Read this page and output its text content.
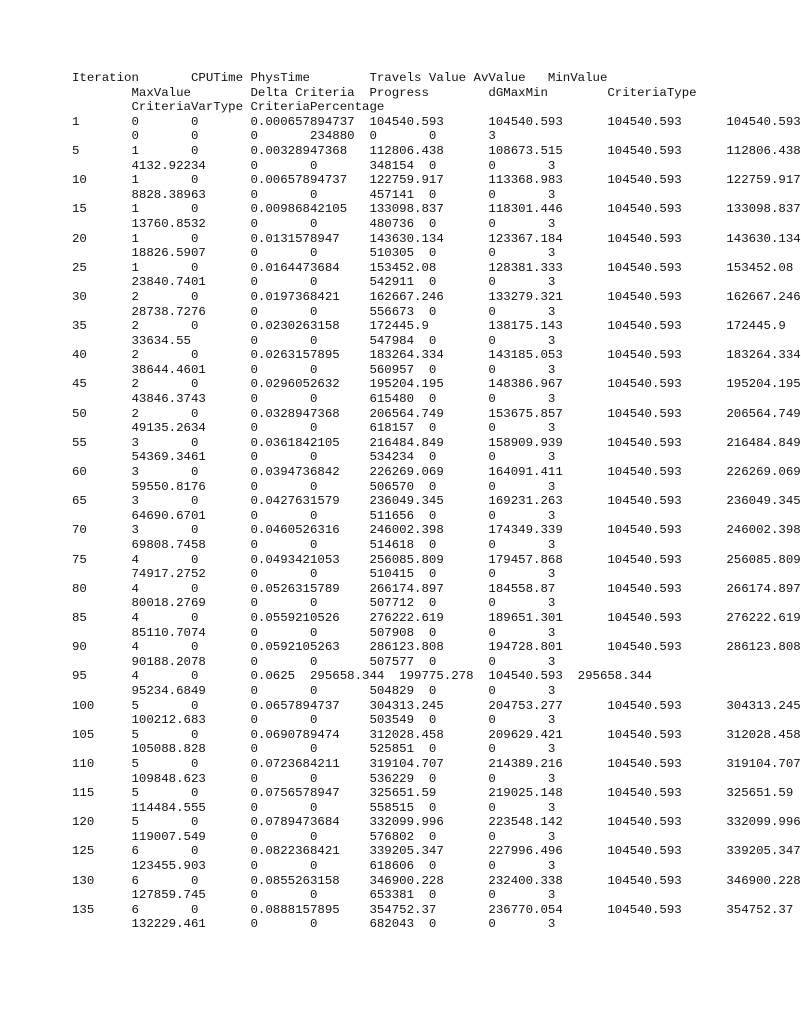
Iteration	CPUTime	PhysTime	Travels	Value AvValue	MinValue
	MaxValue	Delta Criteria	Progress	dGMaxMin	CriteriaType
	CriteriaVarType	CriteriaPercentage
1	0	0	0.000657894737	104540.593	104540.593	104540.593	104540.593
	0	0	0	234880	0	0	3
5	1	0	0.00328947368	112806.438	108673.515	104540.593	112806.438
	4132.92234	0	0	348154	0	0	3
10	1	0	0.00657894737	122759.917	113368.983	104540.593	122759.917
	8828.38963	0	0	457141	0	0	3
15	1	0	0.00986842105	133098.837	118301.446	104540.593	133098.837
	13760.8532	0	0	480736	0	0	3
20	1	0	0.0131578947	143630.134	123367.184	104540.593	143630.134
	18826.5907	0	0	510305	0	0	3
25	1	0	0.0164473684	153452.08	128381.333	104540.593	153452.08
	23840.7401	0	0	542911	0	0	3
30	2	0	0.0197368421	162667.246	133279.321	104540.593	162667.246
	28738.7276	0	0	556673	0	0	3
35	2	0	0.0230263158	172445.9	138175.143	104540.593	172445.9
	33634.55	0	0	547984	0	0	3
40	2	0	0.0263157895	183264.334	143185.053	104540.593	183264.334
	38644.4601	0	0	560957	0	0	3
45	2	0	0.0296052632	195204.195	148386.967	104540.593	195204.195
	43846.3743	0	0	615480	0	0	3
50	2	0	0.0328947368	206564.749	153675.857	104540.593	206564.749
	49135.2634	0	0	618157	0	0	3
55	3	0	0.0361842105	216484.849	158909.939	104540.593	216484.849
	54369.3461	0	0	534234	0	0	3
60	3	0	0.0394736842	226269.069	164091.411	104540.593	226269.069
	59550.8176	0	0	506570	0	0	3
65	3	0	0.0427631579	236049.345	169231.263	104540.593	236049.345
	64690.6701	0	0	511656	0	0	3
70	3	0	0.0460526316	246002.398	174349.339	104540.593	246002.398
	69808.7458	0	0	514618	0	0	3
75	4	0	0.0493421053	256085.809	179457.868	104540.593	256085.809
	74917.2752	0	0	510415	0	0	3
80	4	0	0.0526315789	266174.897	184558.87	104540.593	266174.897
	80018.2769	0	0	507712	0	0	3
85	4	0	0.0559210526	276222.619	189651.301	104540.593	276222.619
	85110.7074	0	0	507908	0	0	3
90	4	0	0.0592105263	286123.808	194728.801	104540.593	286123.808
	90188.2078	0	0	507577	0	0	3
95	4	0	0.0625	295658.344  199775.278  104540.593  295658.344
	95234.6849	0	0	504829	0	0	3
100	5	0	0.0657894737	304313.245	204753.277	104540.593	304313.245
	100212.683	0	0	503549	0	0	3
105	5	0	0.0690789474	312028.458	209629.421	104540.593	312028.458
	105088.828	0	0	525851	0	0	3
110	5	0	0.0723684211	319104.707	214389.216	104540.593	319104.707
	109848.623	0	0	536229	0	0	3
115	5	0	0.0756578947	325651.59	219025.148	104540.593	325651.59
	114484.555	0	0	558515	0	0	3
120	5	0	0.0789473684	332099.996	223548.142	104540.593	332099.996
	119007.549	0	0	576802	0	0	3
125	6	0	0.0822368421	339205.347	227996.496	104540.593	339205.347
	123455.903	0	0	618606	0	0	3
130	6	0	0.0855263158	346900.228	232400.338	104540.593	346900.228
	127859.745	0	0	653381	0	0	3
135	6	0	0.0888157895	354752.37	236770.054	104540.593	354752.37
	132229.461	0	0	682043	0	0	3
